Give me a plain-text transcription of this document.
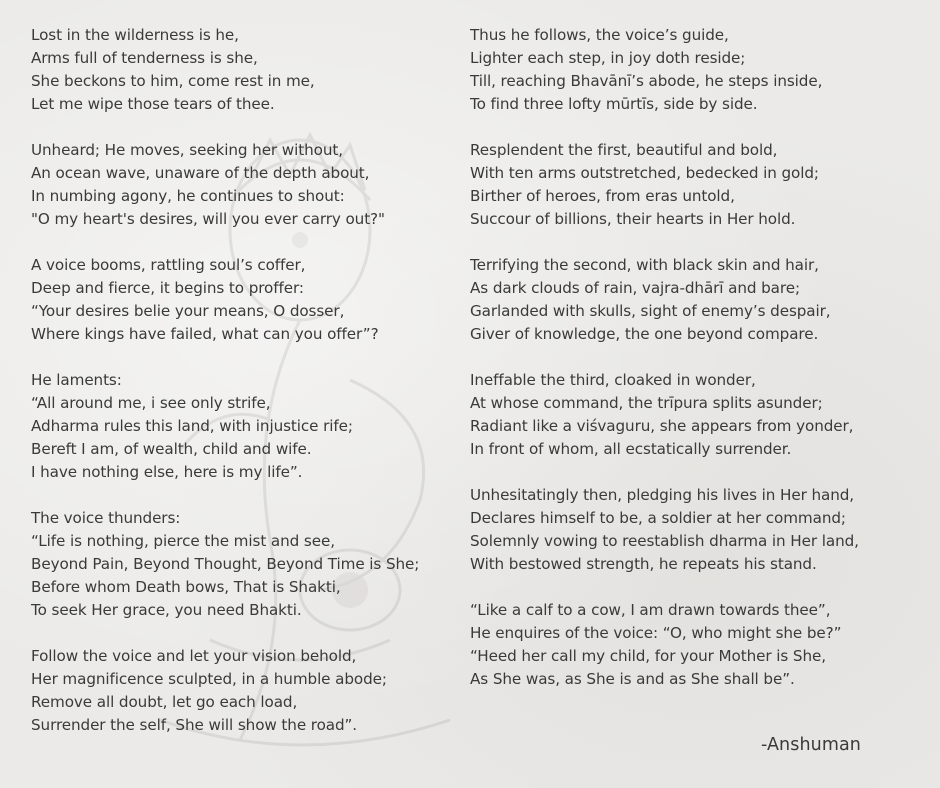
Lost in the wilderness is he,
Arms full of tenderness is she,
She beckons to him, come rest in me,
Let me wipe those tears of thee.
Unheard; He moves, seeking her without,
An ocean wave, unaware of the depth about,
In numbing agony, he continues to shout:
"O my heart's desires, will you ever carry out?"
A voice booms, rattling soul’s coffer,
Deep and fierce, it begins to proffer:
“Your desires belie your means, O dosser,
Where kings have failed, what can you offer”?
He laments:
“All around me, i see only strife,
Adharma rules this land, with injustice rife;
Bereft I am, of wealth, child and wife.
I have nothing else, here is my life”.
The voice thunders:
“Life is nothing, pierce the mist and see,
Beyond Pain, Beyond Thought, Beyond Time is She;
Before whom Death bows, That is Shakti,
To seek Her grace, you need Bhakti.
Follow the voice and let your vision behold,
Her magnificence sculpted, in a humble abode;
Remove all doubt, let go each load,
Surrender the self, She will show the road”.
Thus he follows, the voice’s guide,
Lighter each step, in joy doth reside;
Till, reaching Bhavānī’s abode, he steps inside,
To find three lofty mūrtīs, side by side.
Resplendent the first, beautiful and bold,
With ten arms outstretched, bedecked in gold;
Birther of heroes, from eras untold,
Succour of billions, their hearts in Her hold.
Terrifying the second, with black skin and hair,
As dark clouds of rain, vajra-dhārī and bare;
Garlanded with skulls, sight of enemy’s despair,
Giver of knowledge, the one beyond compare.
Ineffable the third, cloaked in wonder,
At whose command, the trīpura splits asunder;
Radiant like a viśvaguru, she appears from yonder,
In front of whom, all ecstatically surrender.
Unhesitatingly then, pledging his lives in Her hand,
Declares himself to be, a soldier at her command;
Solemnly vowing to reestablish dharma in Her land,
With bestowed strength, he repeats his stand.
“Like a calf to a cow, I am drawn towards thee”,
He enquires of the voice: “O, who might she be?”
“Heed her call my child, for your Mother is She,
As She was, as She is and as She shall be”.
-Anshuman
